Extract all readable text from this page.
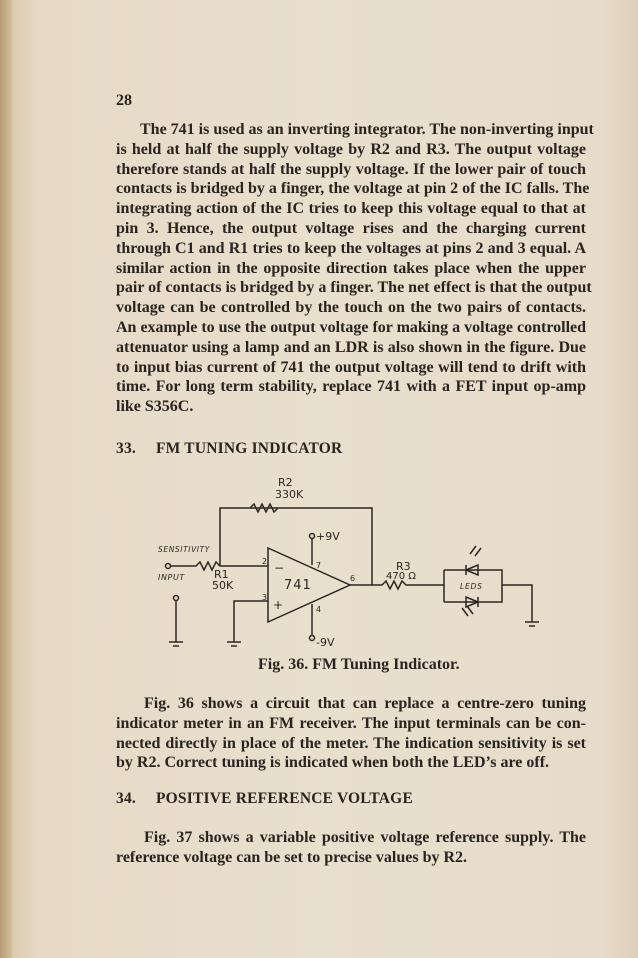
28
The 741 is used as an inverting integrator. The non-inverting input
is held at half the supply voltage by R2 and R3. The output voltage
therefore stands at half the supply voltage. If the lower pair of touch
contacts is bridged by a finger, the voltage at pin 2 of the IC falls. The
integrating action of the IC tries to keep this voltage equal to that at
pin 3. Hence, the output voltage rises and the charging current
through C1 and R1 tries to keep the voltages at pins 2 and 3 equal. A
similar action in the opposite direction takes place when the upper
pair of contacts is bridged by a finger. The net effect is that the output
voltage can be controlled by the touch on the two pairs of contacts.
An example to use the output voltage for making a voltage controlled
attenuator using a lamp and an LDR is also shown in the figure. Due
to input bias current of 741 the output voltage will tend to drift with
time. For long term stability, replace 741 with a FET input op-amp
like S356C.
33. FM TUNING INDICATOR
R2
330K
SENSITIVITY
INPUT	R1
50K	741
+9V
-9V
R3
470 Ω
LEDS
2
3
4
6
7
−
+
Fig. 36. FM Tuning Indicator.
Fig. 36 shows a circuit that can replace a centre-zero tuning
indicator meter in an FM receiver. The input terminals can be con-
nected directly in place of the meter. The indication sensitivity is set
by R2. Correct tuning is indicated when both the LED’s are off.
34. POSITIVE REFERENCE VOLTAGE
Fig. 37 shows a variable positive voltage reference supply. The
reference voltage can be set to precise values by R2.
